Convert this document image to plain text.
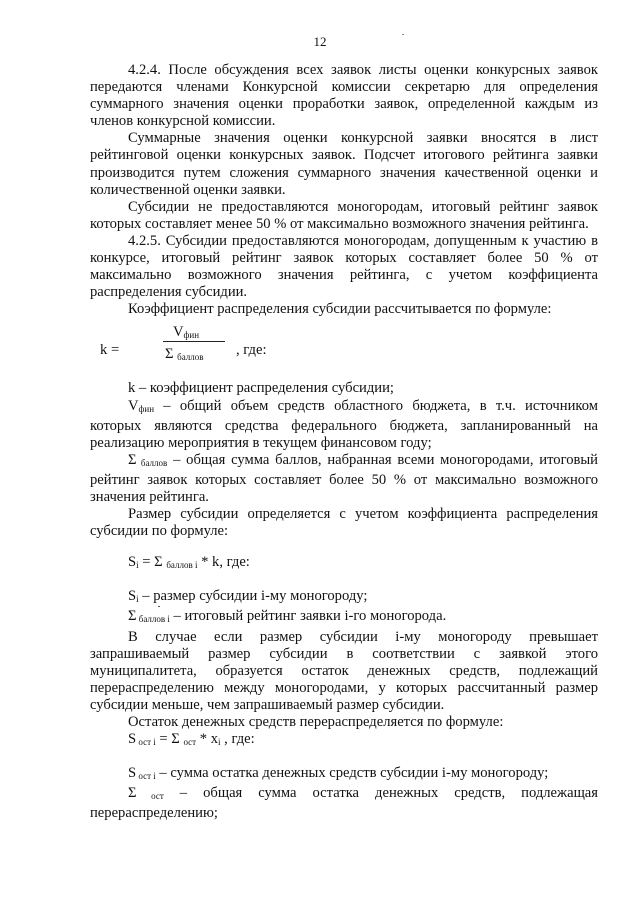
12

4.2.4. После обсуждения всех заявок листы оценки конкурсных заявок передаются членами Конкурсной комиссии секретарю для определения суммарного значения оценки проработки заявок, определенной каждым из членов конкурсной комиссии.

Суммарные значения оценки конкурсной заявки вносятся в лист рейтинговой оценки конкурсных заявок. Подсчет итогового рейтинга заявки производится путем сложения суммарного значения качественной оценки и количественной оценки заявки.

Субсидии не предоставляются моногородам, итоговый рейтинг заявок которых составляет менее 50 % от максимально возможного значения рейтинга.

4.2.5. Субсидии предоставляются моногородам, допущенным к участию в конкурсе, итоговый рейтинг заявок которых составляет более 50 % от максимально возможного значения рейтинга, с учетом коэффициента распределения субсидии.

Коэффициент распределения субсидии рассчитывается по формуле:

k =
$V_{фин}$
Σ $_{баллов}$ , где:

k – коэффициент распределения субсидии;

$V_{фин}$ – общий объем средств областного бюджета, в т.ч. источником которых являются средства федерального бюджета, запланированный на реализацию мероприятия в текущем финансовом году;

Σ $_{баллов}$ – общая сумма баллов, набранная всеми моногородами, итоговый рейтинг заявок которых составляет более 50 % от максимально возможного значения рейтинга.

Размер субсидии определяется с учетом коэффициента распределения субсидии по формуле:

$S_i = \Sigma$ $_{баллов i}$ * k, где:

$S_i$ – размер субсидии i-му моногороду;

Σ $_{баллов i}$ – итоговый рейтинг заявки i-го моногорода.

В случае если размер субсидии i-му моногороду превышает запрашиваемый размер субсидии в соответствии с заявкой этого муниципалитета, образуется остаток денежных средств, подлежащий перераспределению между моногородами, у которых рассчитанный размер субсидии меньше, чем запрашиваемый размер субсидии.

Остаток денежных средств перераспределяется по формуле:

S $_{ост i}$ = Σ $_{ост} * x_i$ , где:

S $_{ост i}$ – сумма остатка денежных средств субсидии i-му моногороду;

Σ $_{ост}$ – общая сумма остатка денежных средств, подлежащая перераспределению;
